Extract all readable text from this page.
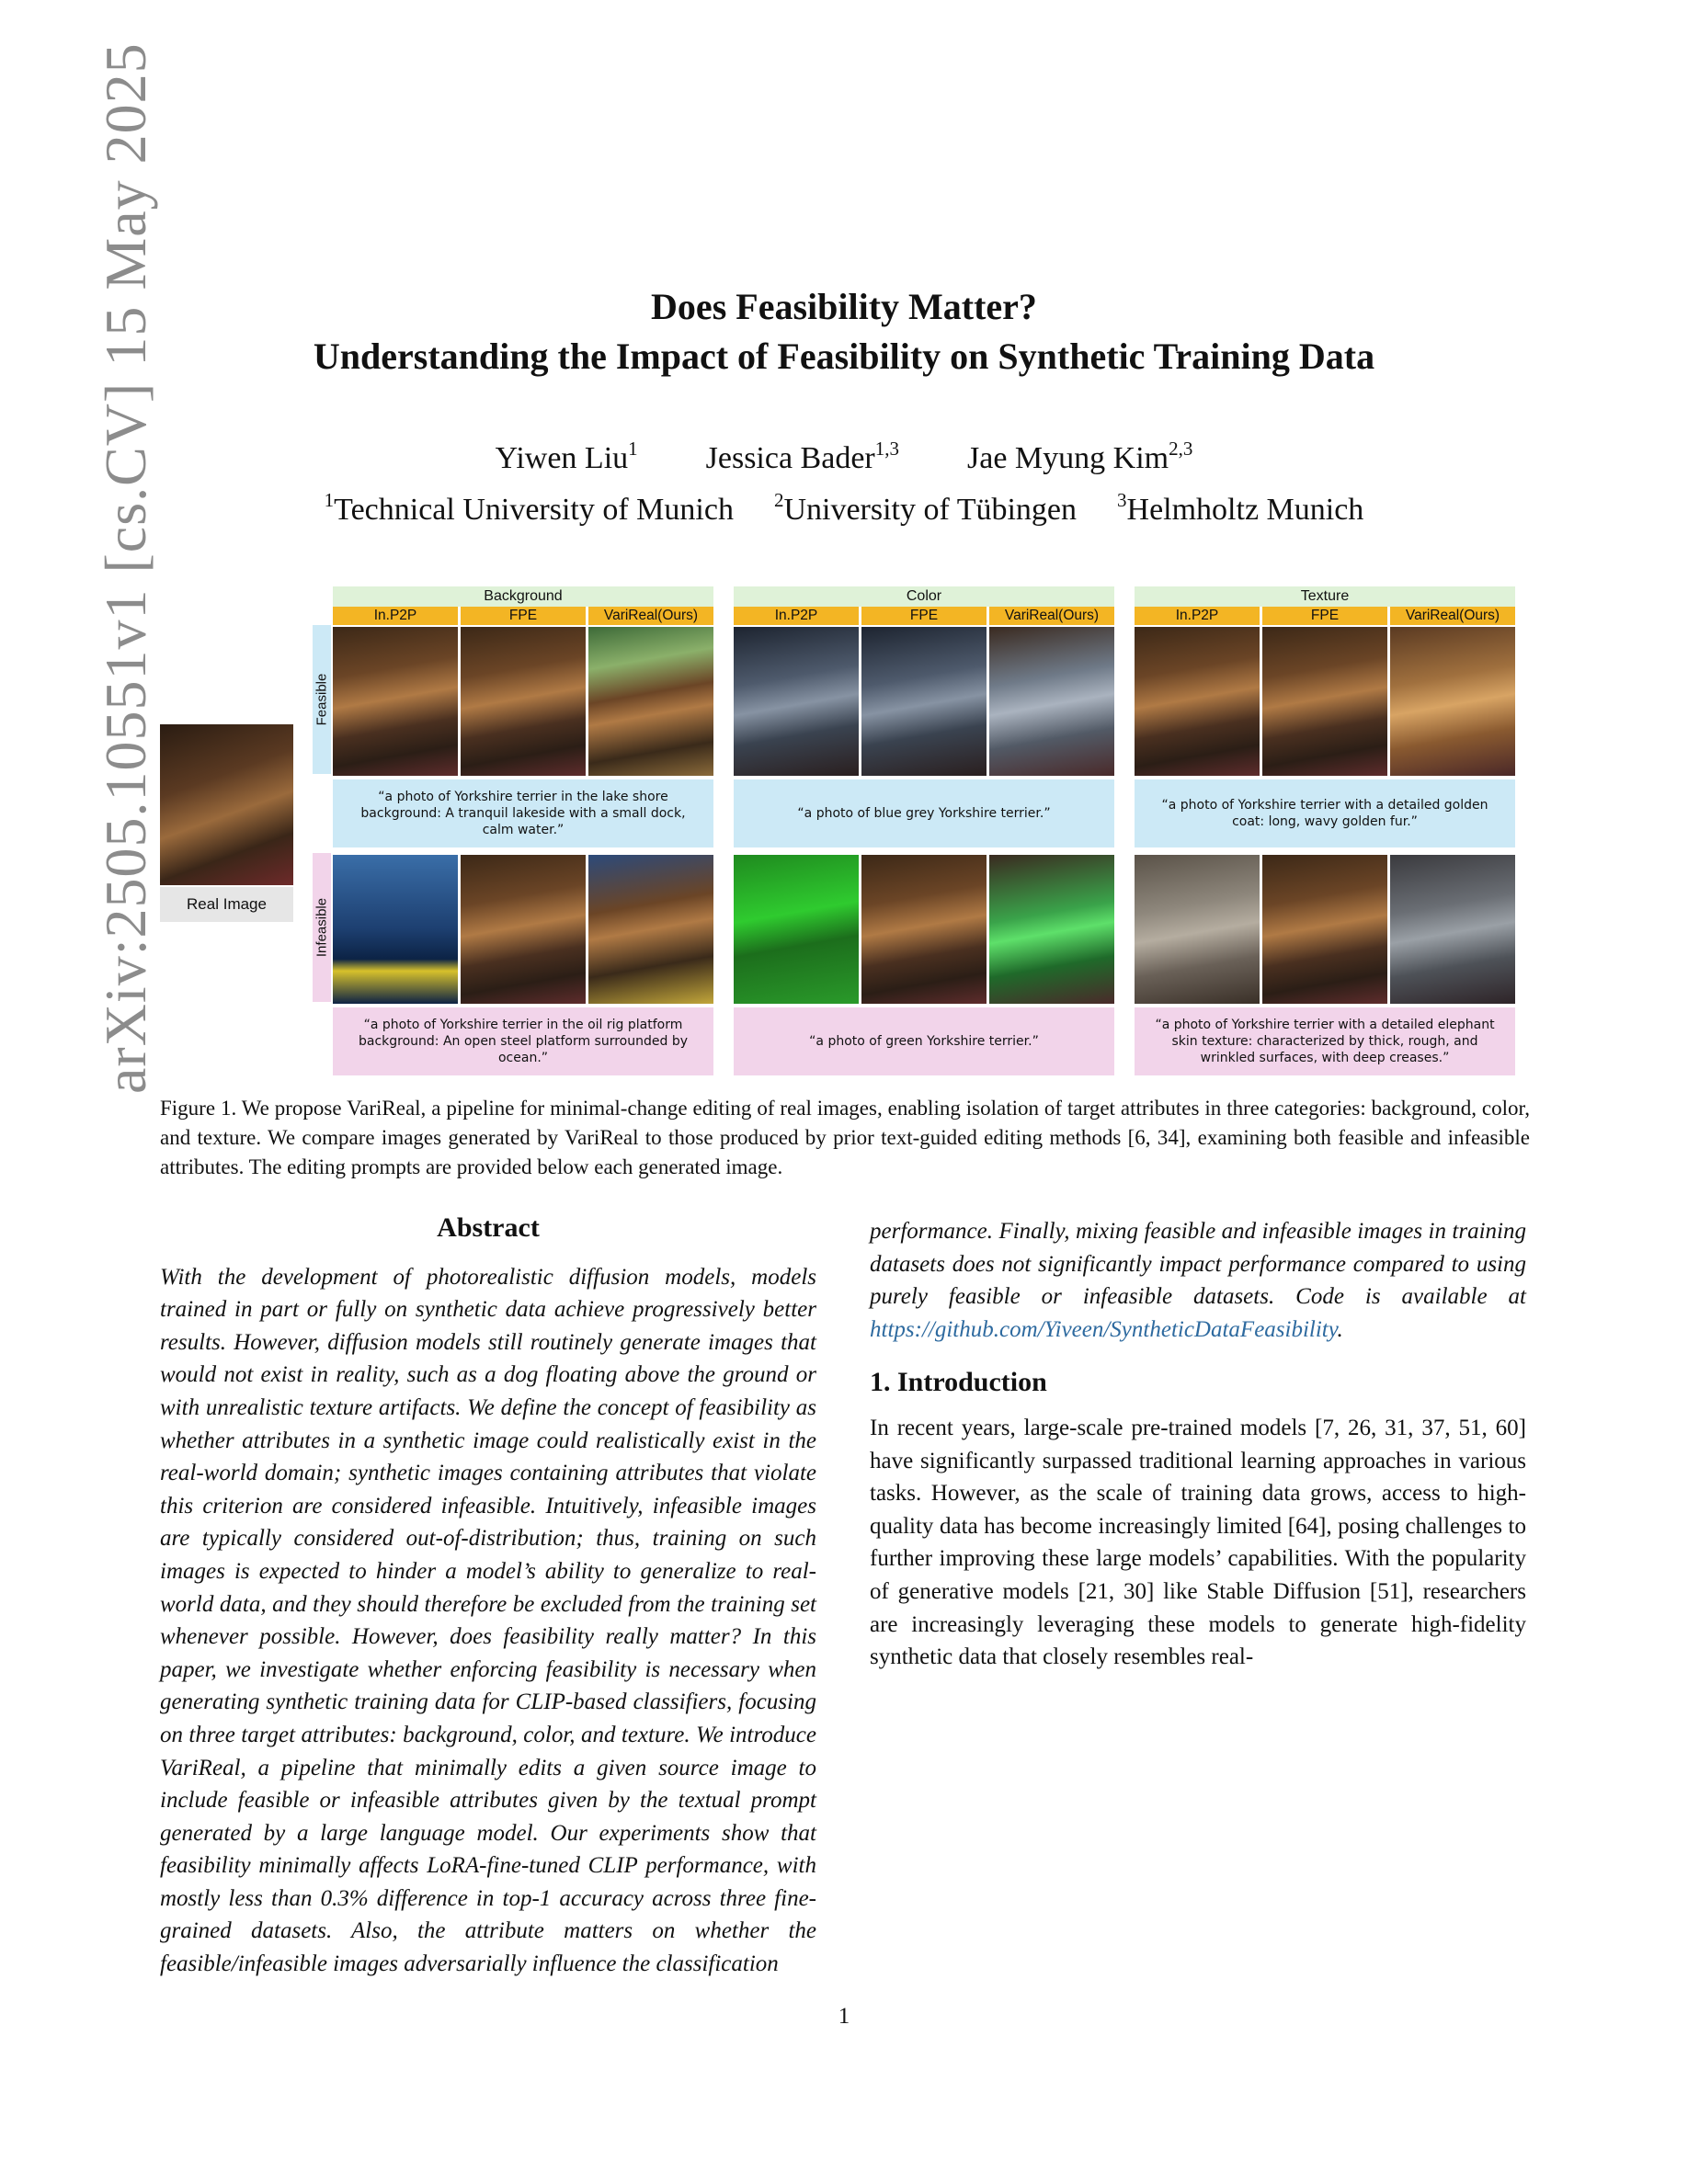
arXiv:2505.10551v1 [cs.CV] 15 May 2025	Does Feasibility Matter?
Understanding the Impact of Feasibility on Synthetic Training Data
Yiwen Liu$^1$ Jessica Bader$^{1,3}$ Jae Myung Kim$^{2,3}$
$^1$Technical University of Munich $^2$University of Tübingen $^3$Helmholtz Munich
Real Image
Feasible
Infeasible
Background
In.P2P	FPE	VariReal(Ours)
“a photo of Yorkshire terrier in the lake shore background: A tranquil lakeside with a small dock, calm water.”
“a photo of Yorkshire terrier in the oil rig platform background: An open steel platform surrounded by ocean.”
Color
In.P2P	FPE	VariReal(Ours)
“a photo of blue grey Yorkshire terrier.”
“a photo of green Yorkshire terrier.”
Texture
In.P2P	FPE	VariReal(Ours)
“a photo of Yorkshire terrier with a detailed golden coat: long, wavy golden fur.”
“a photo of Yorkshire terrier with a detailed elephant skin texture: characterized by thick, rough, and wrinkled surfaces, with deep creases.”
Figure 1. We propose VariReal, a pipeline for minimal-change editing of real images, enabling isolation of target attributes in three categories: background, color, and texture. We compare images generated by VariReal to those produced by prior text-guided editing methods [6, 34], examining both feasible and infeasible attributes. The editing prompts are provided below each generated image.
Abstract
With the development of photorealistic diffusion models, models trained in part or fully on synthetic data achieve progressively better results. However, diffusion models still routinely generate images that would not exist in reality, such as a dog floating above the ground or with unrealistic texture artifacts. We define the concept of feasibility as whether attributes in a synthetic image could realistically exist in the real-world domain; synthetic images containing attributes that violate this criterion are considered infeasible. Intuitively, infeasible images are typically considered out-of-distribution; thus, training on such images is expected to hinder a model’s ability to generalize to real-world data, and they should therefore be excluded from the training set whenever possible. However, does feasibility really matter? In this paper, we investigate whether enforcing feasibility is necessary when generating synthetic training data for CLIP-based classifiers, focusing on three target attributes: background, color, and texture. We introduce VariReal, a pipeline that minimally edits a given source image to include feasible or infeasible attributes given by the textual prompt generated by a large language model. Our experiments show that feasibility minimally affects LoRA-fine-tuned CLIP performance, with mostly less than 0.3% difference in top-1 accuracy across three fine-grained datasets. Also, the attribute matters on whether the feasible/infeasible images adversarially influence the classification
performance. Finally, mixing feasible and infeasible images in training datasets does not significantly impact performance compared to using purely feasible or infeasible datasets. Code is available at https://github.com/Yiveen/SyntheticDataFeasibility.
1. Introduction
In recent years, large-scale pre-trained models [7, 26, 31, 37, 51, 60] have significantly surpassed traditional learning approaches in various tasks. However, as the scale of training data grows, access to high-quality data has become increasingly limited [64], posing challenges to further improving these large models’ capabilities. With the popularity of generative models [21, 30] like Stable Diffusion [51], researchers are increasingly leveraging these models to generate high-fidelity synthetic data that closely resembles real-
1
